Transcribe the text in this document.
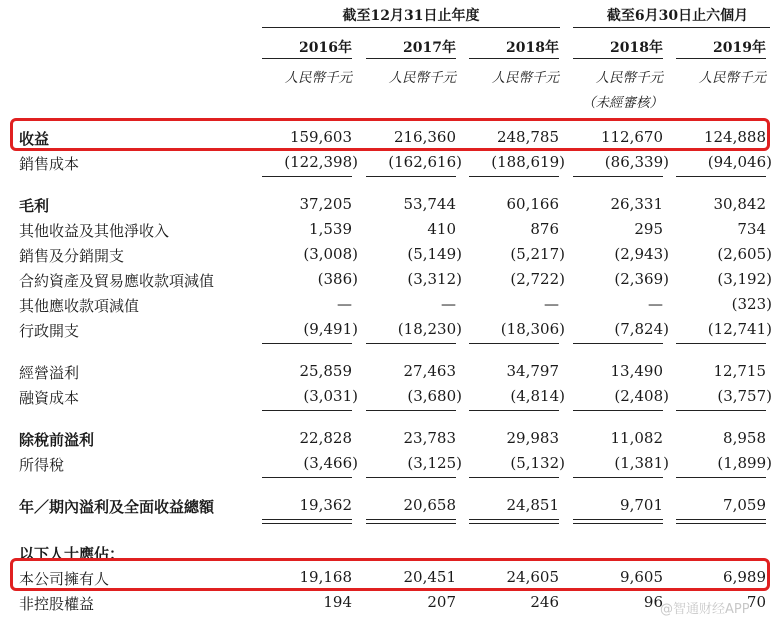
截至12月31日止年度	截至6月30日止六個月
2016年	2017年	2018年	2018年	2019年
人民幣千元	人民幣千元	人民幣千元	人民幣千元	人民幣千元
（未經審核）
收益	159,603	216,360	248,785	112,670	124,888
銷售成本	(122,398)	(162,616)	(188,619)	(86,339)	(94,046)
毛利	37,205	53,744	60,166	26,331	30,842
其他收益及其他淨收入	1,539	410	876	295	734
銷售及分銷開支	(3,008)	(5,149)	(5,217)	(2,943)	(2,605)
合約資產及貿易應收款項減值	(386)	(3,312)	(2,722)	(2,369)	(3,192)
其他應收款項減值	—	—	—	—	(323)
行政開支	(9,491)	(18,230)	(18,306)	(7,824)	(12,741)
經營溢利	25,859	27,463	34,797	13,490	12,715
融資成本	(3,031)	(3,680)	(4,814)	(2,408)	(3,757)
除稅前溢利	22,828	23,783	29,983	11,082	8,958
所得稅	(3,466)	(3,125)	(5,132)	(1,381)	(1,899)
年／期內溢利及全面收益總額	19,362	20,658	24,851	9,701	7,059
以下人士應佔：
本公司擁有人	19,168	20,451	24,605	9,605	6,989
非控股權益	194	207	246	96	70
@智通财经APP
